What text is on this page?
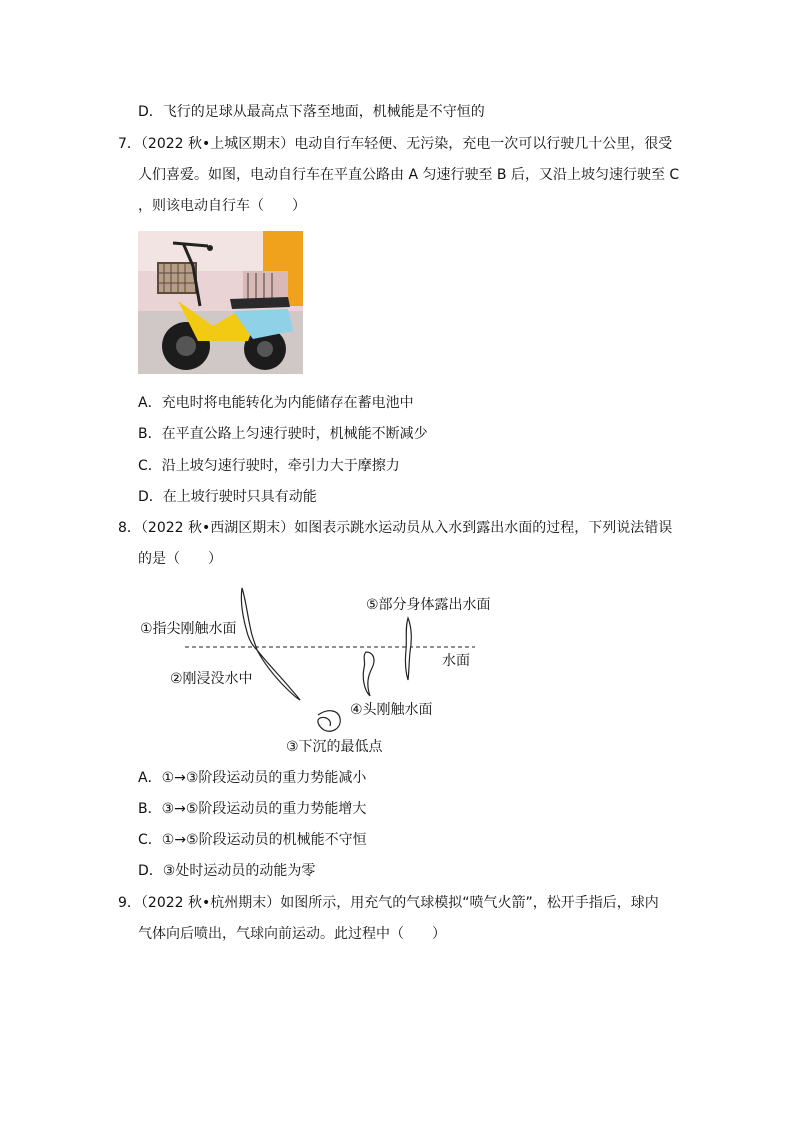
D．飞行的足球从最高点下落至地面，机械能是不守恒的
7．（2022 秋•上城区期末）电动自行车轻便、无污染，充电一次可以行驶几十公里，很受
人们喜爱。如图，电动自行车在平直公路由 A 匀速行驶至 B 后，又沿上坡匀速行驶至 C
，则该电动自行车（　　）
A．充电时将电能转化为内能储存在蓄电池中
B．在平直公路上匀速行驶时，机械能不断减少
C．沿上坡匀速行驶时，牵引力大于摩擦力
D．在上坡行驶时只具有动能
8．（2022 秋•西湖区期末）如图表示跳水运动员从入水到露出水面的过程，下列说法错误
的是（　　）
①指尖刚触水面
②刚浸没水中
③下沉的最低点
④头刚触水面
⑤部分身体露出水面
水面
A．①→③阶段运动员的重力势能减小
B．③→⑤阶段运动员的重力势能增大
C．①→⑤阶段运动员的机械能不守恒
D．③处时运动员的动能为零
9．（2022 秋•杭州期末）如图所示，用充气的气球模拟“喷气火箭”，松开手指后，球内
气体向后喷出，气球向前运动。此过程中（　　）
